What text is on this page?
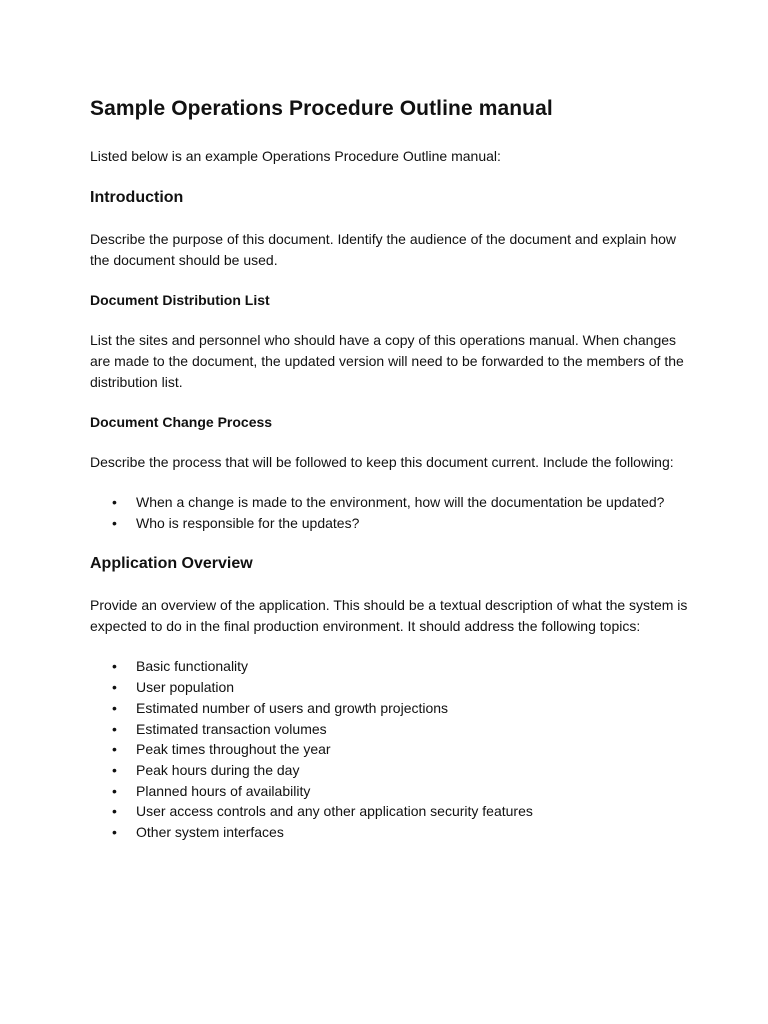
Sample Operations Procedure Outline manual

Listed below is an example Operations Procedure Outline manual:

Introduction

Describe the purpose of this document. Identify the audience of the document and explain how the document should be used.

Document Distribution List

List the sites and personnel who should have a copy of this operations manual. When changes are made to the document, the updated version will need to be forwarded to the members of the distribution list.

Document Change Process

Describe the process that will be followed to keep this document current. Include the following:

• When a change is made to the environment, how will the documentation be updated?
• Who is responsible for the updates?
Application Overview

Provide an overview of the application. This should be a textual description of what the system is expected to do in the final production environment. It should address the following topics:

• Basic functionality
• User population
• Estimated number of users and growth projections
• Estimated transaction volumes
• Peak times throughout the year
• Peak hours during the day
• Planned hours of availability
• User access controls and any other application security features
• Other system interfaces
